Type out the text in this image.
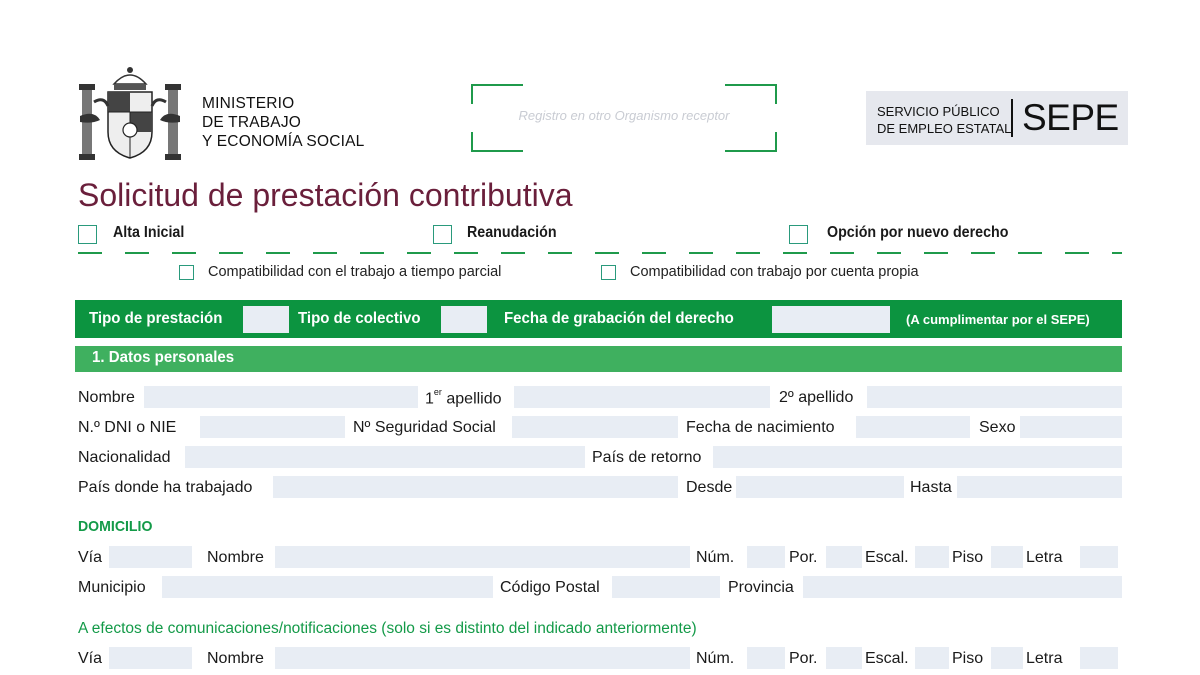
MINISTERIO
DE TRABAJO
Y ECONOMÍA SOCIAL
Registro en otro Organismo receptor	SERVICIO PÚBLICO
DE EMPLEO ESTATAL SEPE
Solicitud de prestación contributiva
Alta Inicial	Reanudación	Opción por nuevo derecho
Compatibilidad con el trabajo a tiempo parcial	Compatibilidad con trabajo por cuenta propia
Tipo de prestación	Tipo de colectivo	Fecha de grabación del derecho	(A cumplimentar por el SEPE)
1. Datos personales
Nombre	1er apellido	2º apellido
N.º DNI o NIE	Nº Seguridad Social	Fecha de nacimiento	Sexo
Nacionalidad	País de retorno
País donde ha trabajado	Desde	Hasta
DOMICILIO
Vía	Nombre	Núm.	Por.	Escal.	Piso	Letra
Municipio	Código Postal	Provincia
A efectos de comunicaciones/notificaciones (solo si es distinto del indicado anteriormente)
Vía	Nombre	Núm.	Por.	Escal.	Piso	Letra
